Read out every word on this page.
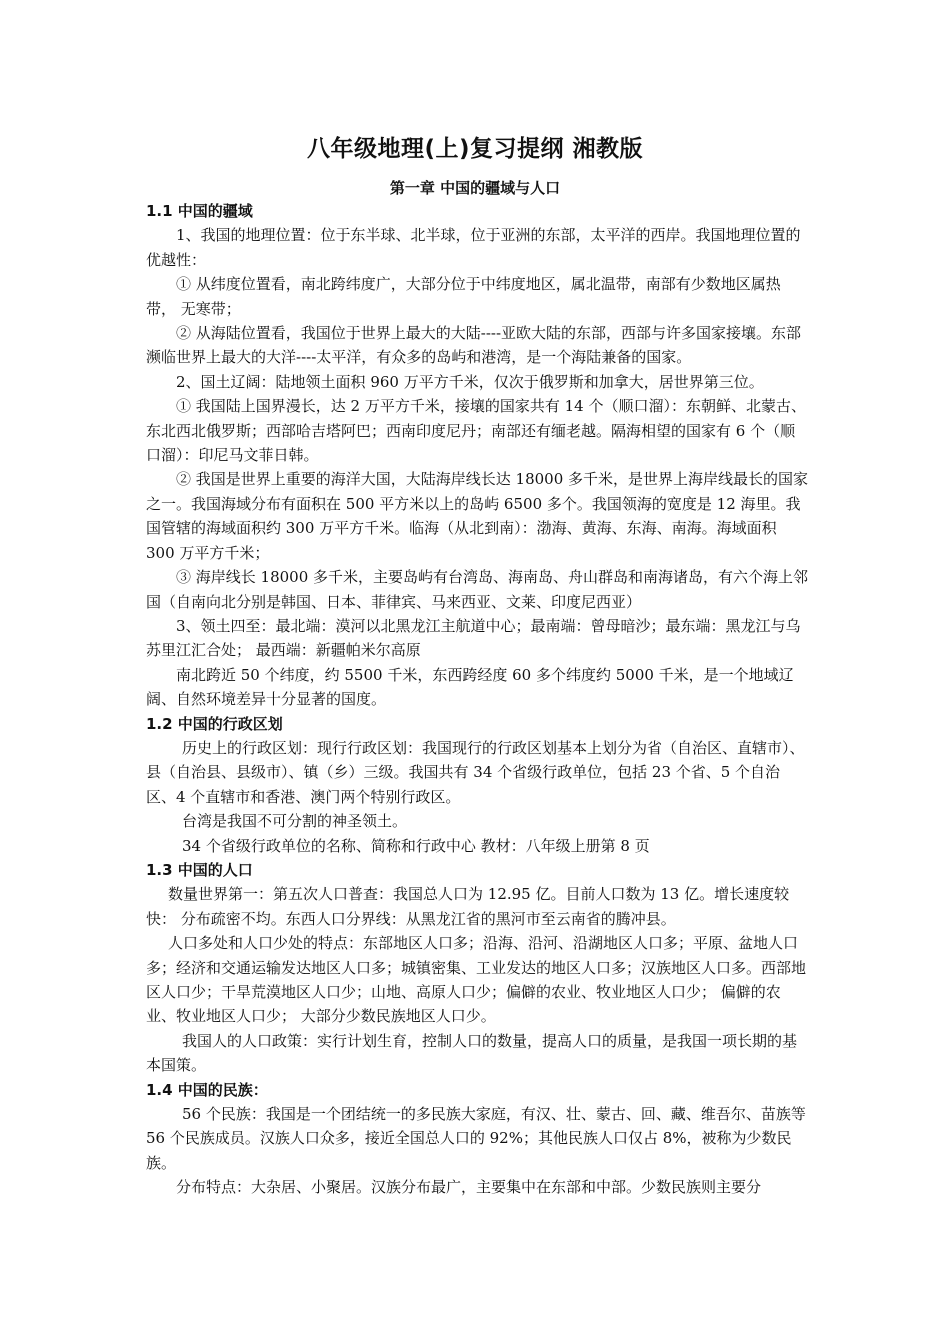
八年级地理(上)复习提纲 湘教版
第一章 中国的疆域与人口

1.1 中国的疆域

1、我国的地理位置：位于东半球、北半球，位于亚洲的东部，太平洋的西岸。我国地理位置的优越性：

① 从纬度位置看，南北跨纬度广，大部分位于中纬度地区，属北温带，南部有少数地区属热带， 无寒带；

② 从海陆位置看，我国位于世界上最大的大陆----亚欧大陆的东部，西部与许多国家接壤。东部濒临世界上最大的大洋----太平洋，有众多的岛屿和港湾，是一个海陆兼备的国家。

2、国土辽阔：陆地领土面积 960 万平方千米，仅次于俄罗斯和加拿大，居世界第三位。

① 我国陆上国界漫长，达 2 万平方千米，接壤的国家共有 14 个（顺口溜）：东朝鲜、北蒙古、东北西北俄罗斯；西部哈吉塔阿巴；西南印度尼丹；南部还有缅老越。隔海相望的国家有 6 个（顺口溜）：印尼马文菲日韩。

② 我国是世界上重要的海洋大国，大陆海岸线长达 18000 多千米，是世界上海岸线最长的国家之一。我国海域分布有面积在 500 平方米以上的岛屿 6500 多个。我国领海的宽度是 12 海里。我国管辖的海域面积约 300 万平方千米。临海（从北到南）：渤海、黄海、东海、南海。海域面积 300 万平方千米；

③ 海岸线长 18000 多千米，主要岛屿有台湾岛、海南岛、舟山群岛和南海诸岛，有六个海上邻国（自南向北分别是韩国、日本、菲律宾、马来西亚、文莱、印度尼西亚）

3、领土四至：最北端：漠河以北黑龙江主航道中心；最南端：曾母暗沙；最东端：黑龙江与乌苏里江汇合处； 最西端：新疆帕米尔高原

南北跨近 50 个纬度，约 5500 千米，东西跨经度 60 多个纬度约 5000 千米，是一个地域辽阔、自然环境差异十分显著的国度。

1.2 中国的行政区划

历史上的行政区划：现行行政区划：我国现行的行政区划基本上划分为省（自治区、直辖市）、县（自治县、县级市）、镇（乡）三级。我国共有 34 个省级行政单位，包括 23 个省、5 个自治区、4 个直辖市和香港、澳门两个特别行政区。

台湾是我国不可分割的神圣领土。

34 个省级行政单位的名称、简称和行政中心 教材：八年级上册第 8 页

1.3 中国的人口

数量世界第一：第五次人口普查：我国总人口为 12.95 亿。目前人口数为 13 亿。增长速度较快： 分布疏密不均。东西人口分界线：从黑龙江省的黑河市至云南省的腾冲县。

人口多处和人口少处的特点：东部地区人口多；沿海、沿河、沿湖地区人口多；平原、盆地人口多；经济和交通运输发达地区人口多；城镇密集、工业发达的地区人口多；汉族地区人口多。西部地区人口少；干旱荒漠地区人口少；山地、高原人口少；偏僻的农业、牧业地区人口少； 偏僻的农业、牧业地区人口少； 大部分少数民族地区人口少。

我国人的人口政策：实行计划生育，控制人口的数量，提高人口的质量，是我国一项长期的基本国策。

1.4 中国的民族：

56 个民族：我国是一个团结统一的多民族大家庭，有汉、壮、蒙古、回、藏、维吾尔、苗族等 56 个民族成员。汉族人口众多，接近全国总人口的 92%；其他民族人口仅占 8%，被称为少数民族。

分布特点：大杂居、小聚居。汉族分布最广，主要集中在东部和中部。少数民族则主要分
